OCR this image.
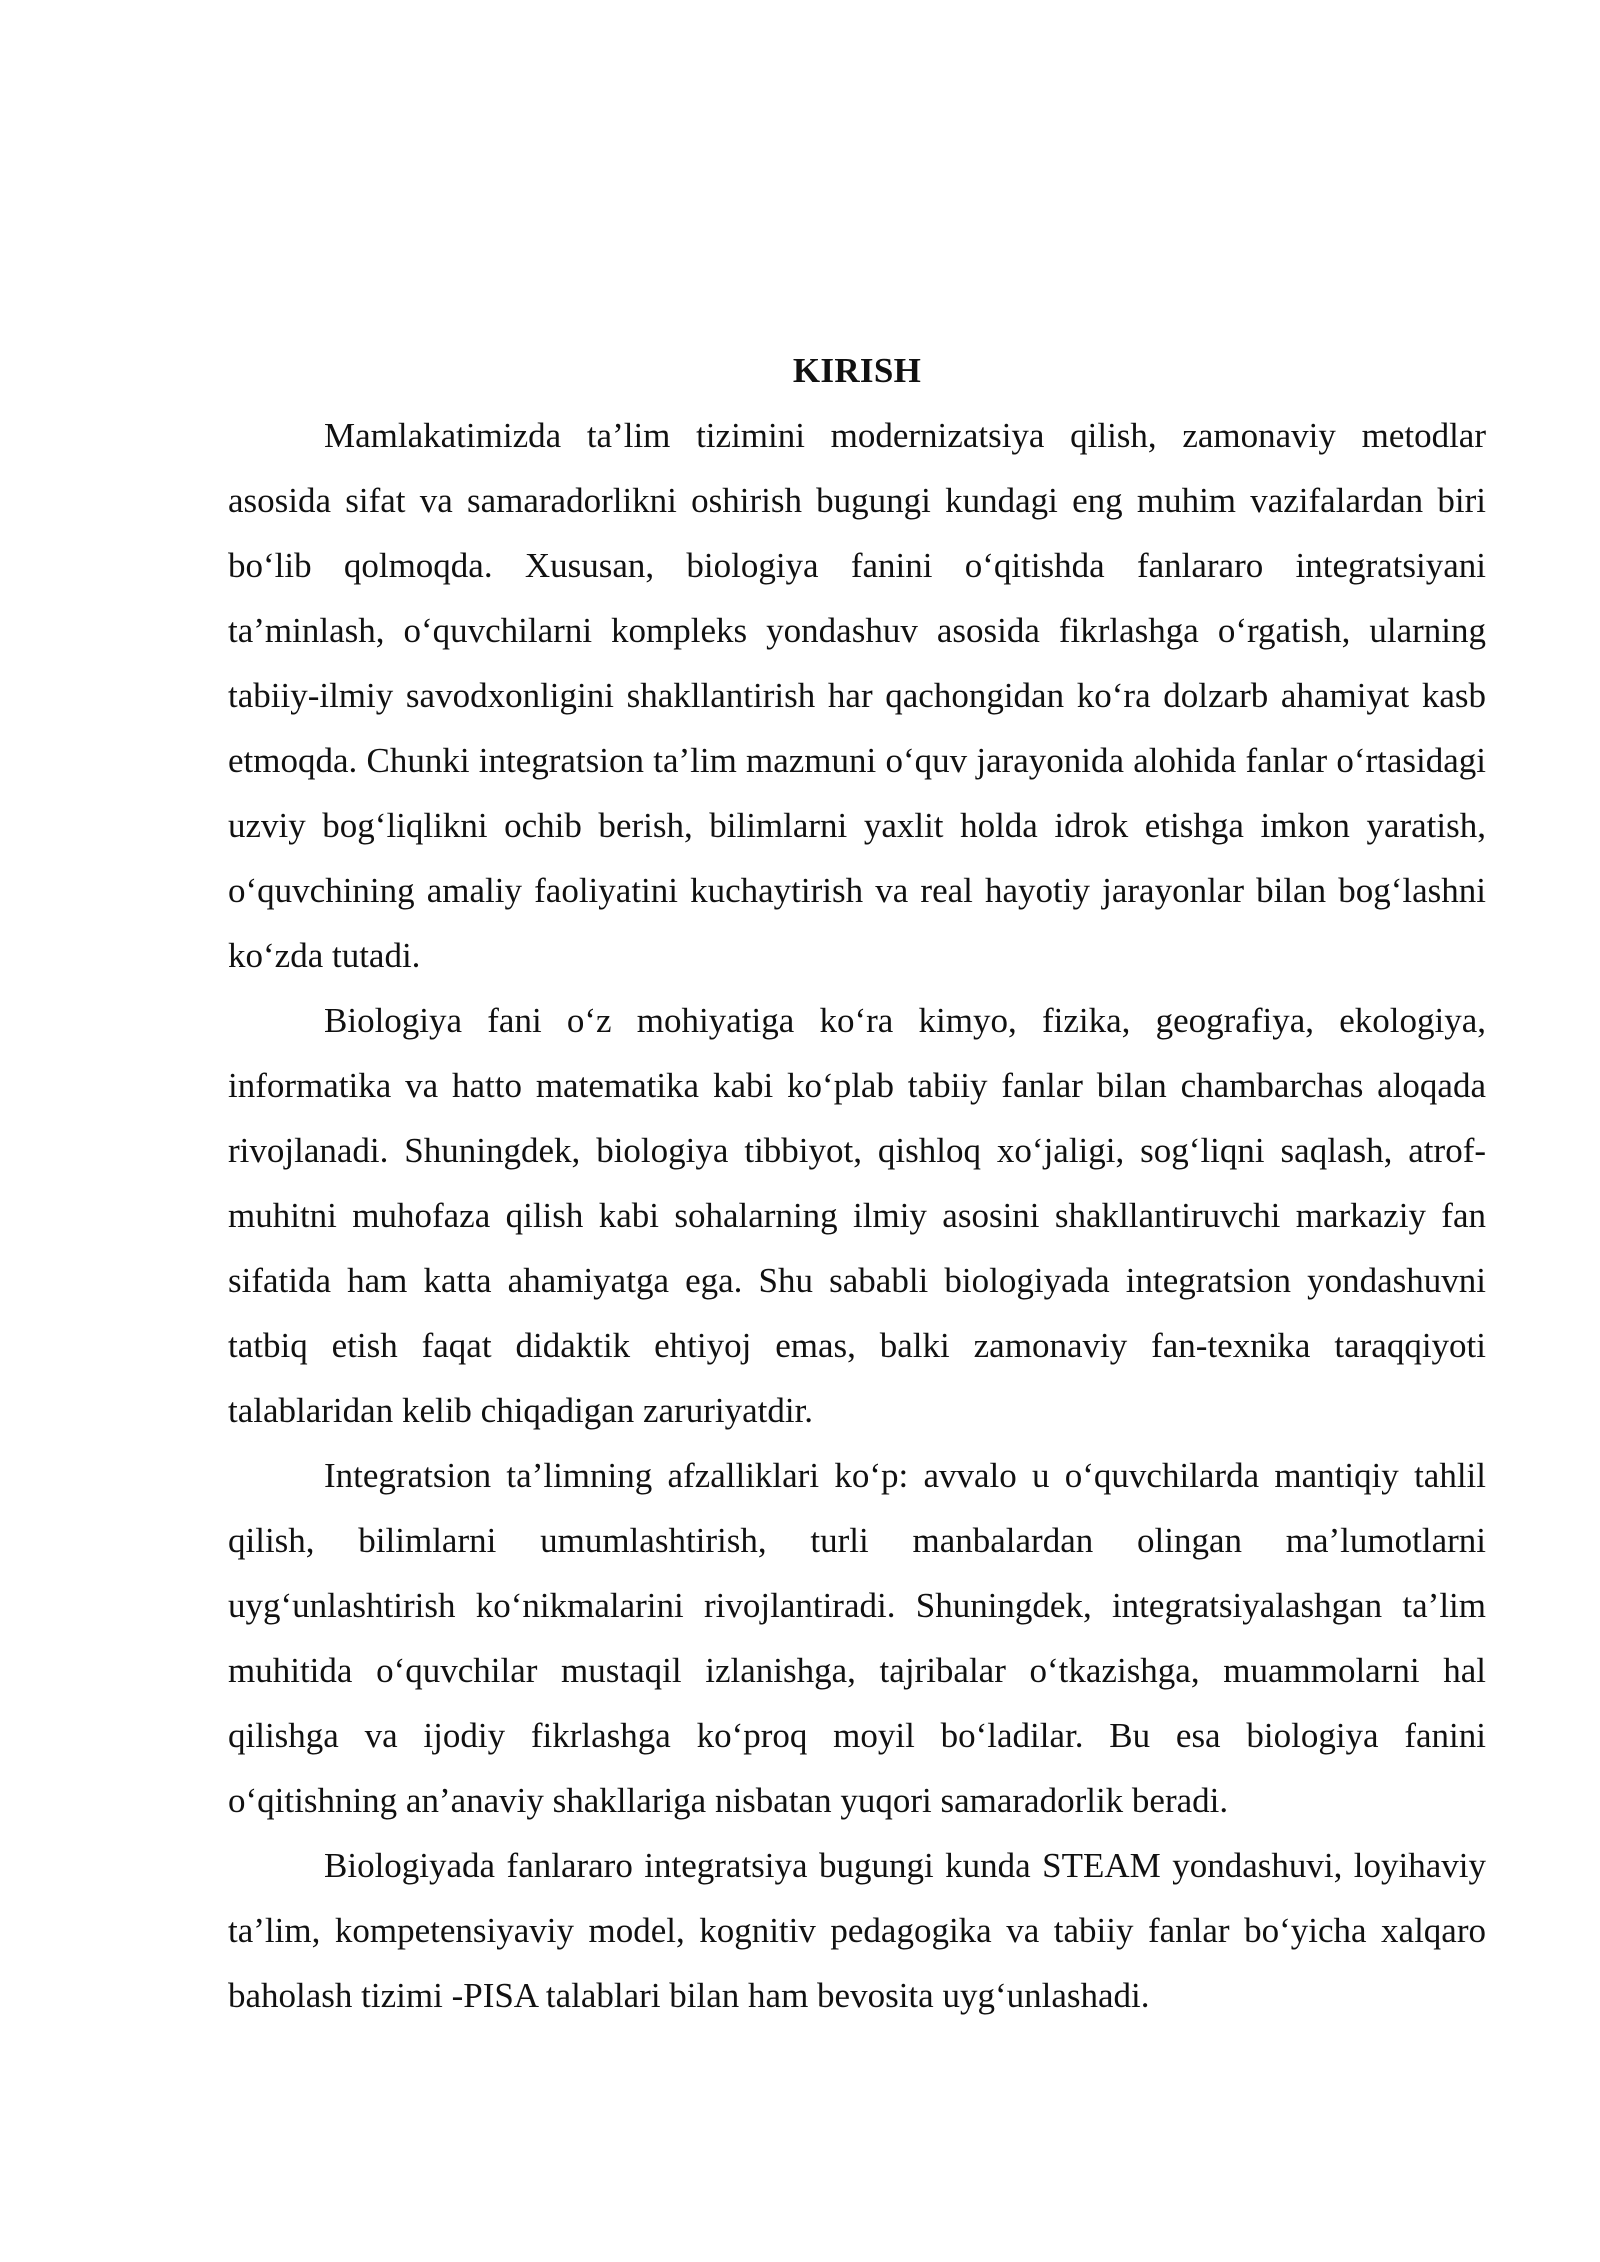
KIRISH

Mamlakatimizda ta’lim tizimini modernizatsiya qilish, zamonaviy metodlar asosida sifat va samaradorlikni oshirish bugungi kundagi eng muhim vazifalardan biri bo‘lib qolmoqda. Xususan, biologiya fanini o‘qitishda fanlararo integratsiyani ta’minlash, o‘quvchilarni kompleks yondashuv asosida fikrlashga o‘rgatish, ularning tabiiy-ilmiy savodxonligini shakllantirish har qachongidan ko‘ra dolzarb ahamiyat kasb etmoqda. Chunki integratsion ta’lim mazmuni o‘quv jarayonida alohida fanlar o‘rtasidagi uzviy bog‘liqlikni ochib berish, bilimlarni yaxlit holda idrok etishga imkon yaratish, o‘quvchining amaliy faoliyatini kuchaytirish va real hayotiy jarayonlar bilan bog‘lashni ko‘zda tutadi.

Biologiya fani o‘z mohiyatiga ko‘ra kimyo, fizika, geografiya, ekologiya, informatika va hatto matematika kabi ko‘plab tabiiy fanlar bilan chambarchas aloqada rivojlanadi. Shuningdek, biologiya tibbiyot, qishloq xo‘jaligi, sog‘liqni saqlash, atrof-muhitni muhofaza qilish kabi sohalarning ilmiy asosini shakllantiruvchi markaziy fan sifatida ham katta ahamiyatga ega. Shu sababli biologiyada integratsion yondashuvni tatbiq etish faqat didaktik ehtiyoj emas, balki zamonaviy fan-texnika taraqqiyoti talablaridan kelib chiqadigan zaruriyatdir.

Integratsion ta’limning afzalliklari ko‘p: avvalo u o‘quvchilarda mantiqiy tahlil qilish, bilimlarni umumlashtirish, turli manbalardan olingan ma’lumotlarni uyg‘unlashtirish ko‘nikmalarini rivojlantiradi. Shuningdek, integratsiyalashgan ta’lim muhitida o‘quvchilar mustaqil izlanishga, tajribalar o‘tkazishga, muammolarni hal qilishga va ijodiy fikrlashga ko‘proq moyil bo‘ladilar. Bu esa biologiya fanini o‘qitishning an’anaviy shakllariga nisbatan yuqori samaradorlik beradi.

Biologiyada fanlararo integratsiya bugungi kunda STEAM yondashuvi, loyihaviy ta’lim, kompetensiyaviy model, kognitiv pedagogika va tabiiy fanlar bo‘yicha xalqaro baholash tizimi -PISA talablari bilan ham bevosita uyg‘unlashadi.
